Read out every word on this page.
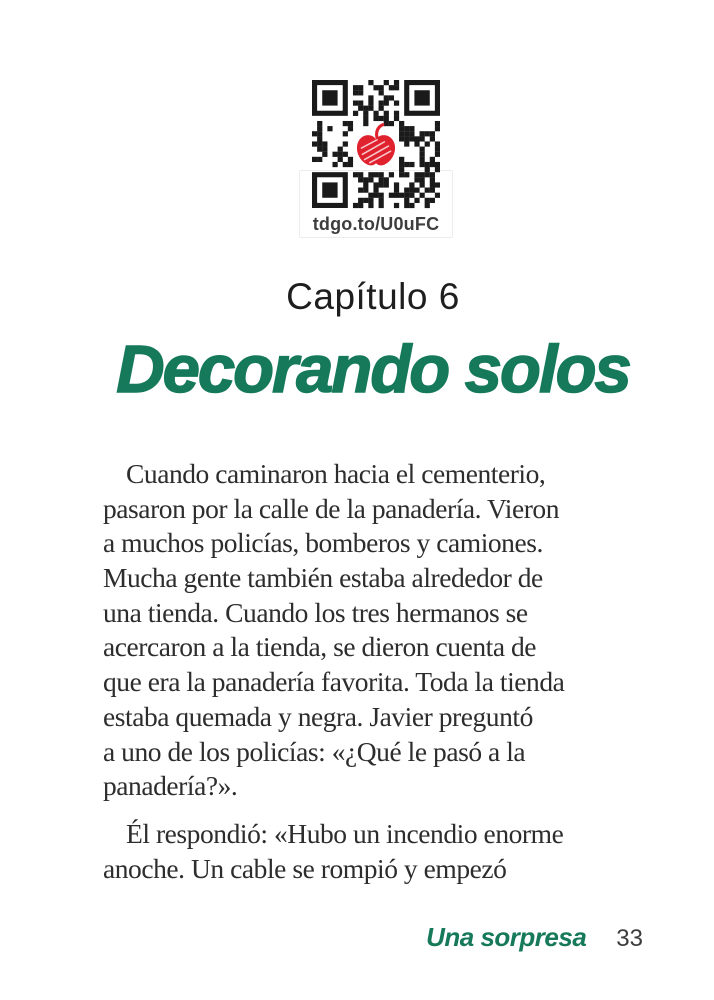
tdgo.to/U0uFC
Capítulo 6
Decorando solos
Cuando caminaron hacia el cementerio,
pasaron por la calle de la panadería. Vieron
a muchos policías, bomberos y camiones.
Mucha gente también estaba alrededor de
una tienda. Cuando los tres hermanos se
acercaron a la tienda, se dieron cuenta de
que era la panadería favorita. Toda la tienda
estaba quemada y negra. Javier preguntó
a uno de los policías: «¿Qué le pasó a la
panadería?».
Él respondió: «Hubo un incendio enorme
anoche. Un cable se rompió y empezó
Una sorpresa 33
